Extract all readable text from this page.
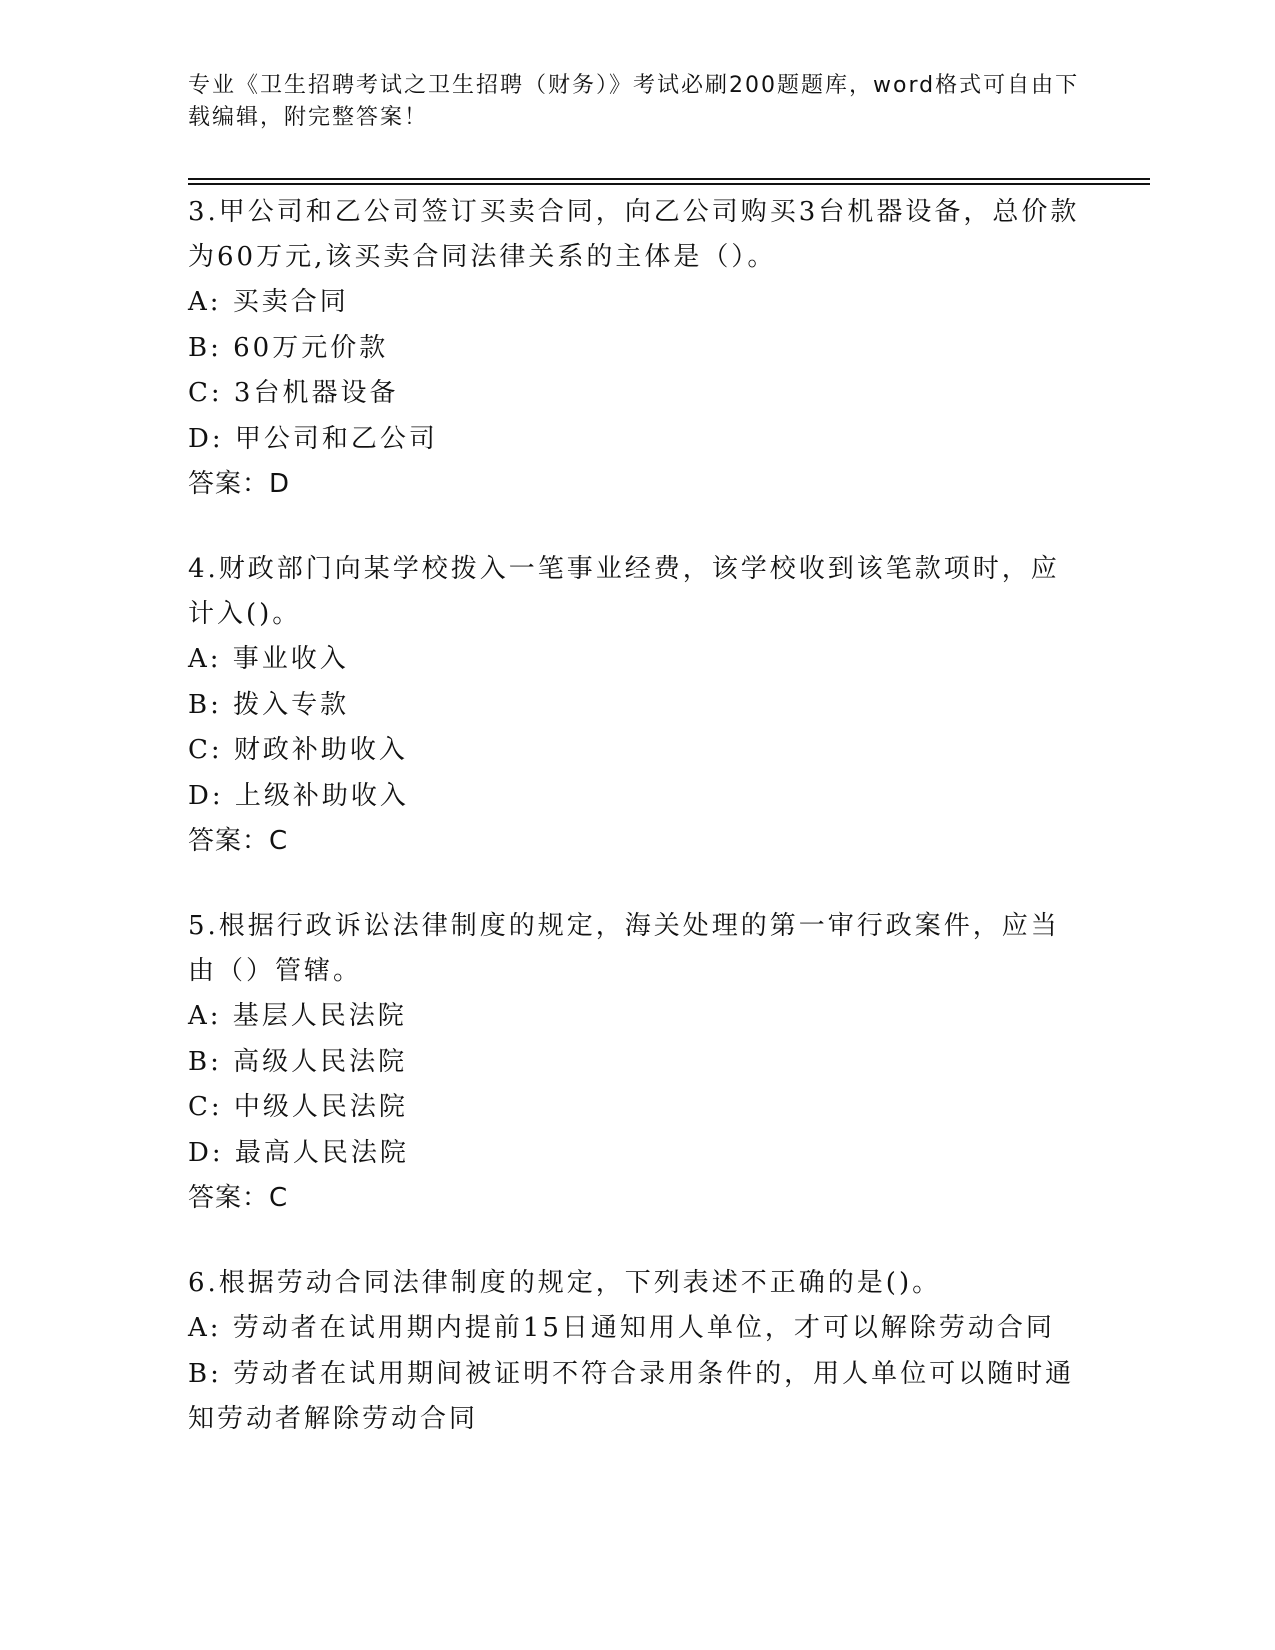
专业《卫生招聘考试之卫生招聘（财务）》考试必刷200题题库，word格式可自由下载编辑，附完整答案！

3.甲公司和乙公司签订买卖合同，向乙公司购买3台机器设备，总价款为60万元,该买卖合同法律关系的主体是（）。

A: 买卖合同

B: 60万元价款

C: 3台机器设备

D: 甲公司和乙公司

答案：D

4.财政部门向某学校拨入一笔事业经费，该学校收到该笔款项时，应计入()。

A: 事业收入

B: 拨入专款

C: 财政补助收入

D: 上级补助收入

答案：C

5.根据行政诉讼法律制度的规定，海关处理的第一审行政案件，应当由（）管辖。

A: 基层人民法院

B: 高级人民法院

C: 中级人民法院

D: 最高人民法院

答案：C

6.根据劳动合同法律制度的规定，下列表述不正确的是()。

A: 劳动者在试用期内提前15日通知用人单位，才可以解除劳动合同

B: 劳动者在试用期间被证明不符合录用条件的，用人单位可以随时通知劳动者解除劳动合同
